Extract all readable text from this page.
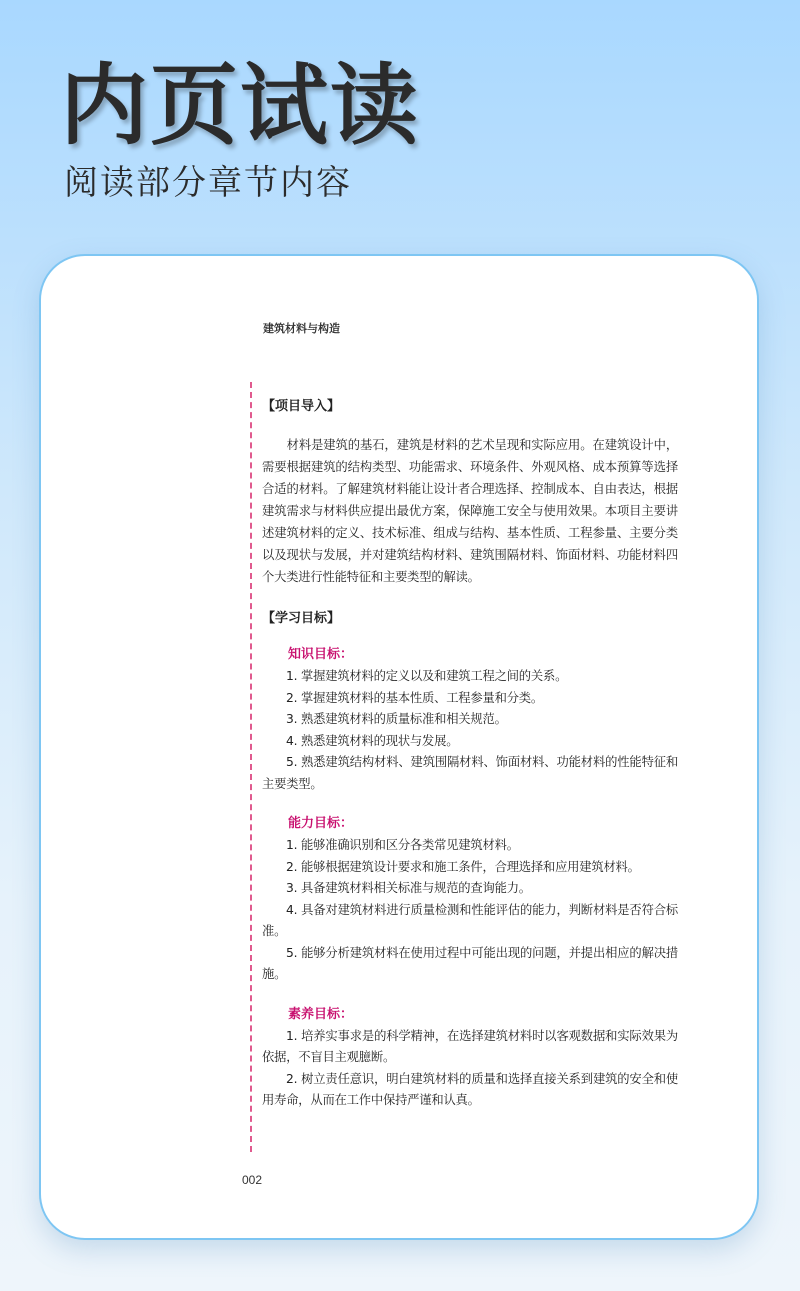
内页试读
阅读部分章节内容
建筑材料与构造

【项目导入】

材料是建筑的基石，建筑是材料的艺术呈现和实际应用。在建筑设计中，需要根据建筑的结构类型、功能需求、环境条件、外观风格、成本预算等选择合适的材料。了解建筑材料能让设计者合理选择、控制成本、自由表达，根据建筑需求与材料供应提出最优方案，保障施工安全与使用效果。本项目主要讲述建筑材料的定义、技术标准、组成与结构、基本性质、工程参量、主要分类以及现状与发展，并对建筑结构材料、建筑围隔材料、饰面材料、功能材料四个大类进行性能特征和主要类型的解读。

【学习目标】

知识目标：

1. 掌握建筑材料的定义以及和建筑工程之间的关系。
2. 掌握建筑材料的基本性质、工程参量和分类。
3. 熟悉建筑材料的质量标准和相关规范。
4. 熟悉建筑材料的现状与发展。
5. 熟悉建筑结构材料、建筑围隔材料、饰面材料、功能材料的性能特征和主要类型。

能力目标：

1. 能够准确识别和区分各类常见建筑材料。
2. 能够根据建筑设计要求和施工条件，合理选择和应用建筑材料。
3. 具备建筑材料相关标准与规范的查询能力。
4. 具备对建筑材料进行质量检测和性能评估的能力，判断材料是否符合标准。
5. 能够分析建筑材料在使用过程中可能出现的问题，并提出相应的解决措施。

素养目标：

1. 培养实事求是的科学精神，在选择建筑材料时以客观数据和实际效果为依据，不盲目主观臆断。
2. 树立责任意识，明白建筑材料的质量和选择直接关系到建筑的安全和使用寿命，从而在工作中保持严谨和认真。
002
